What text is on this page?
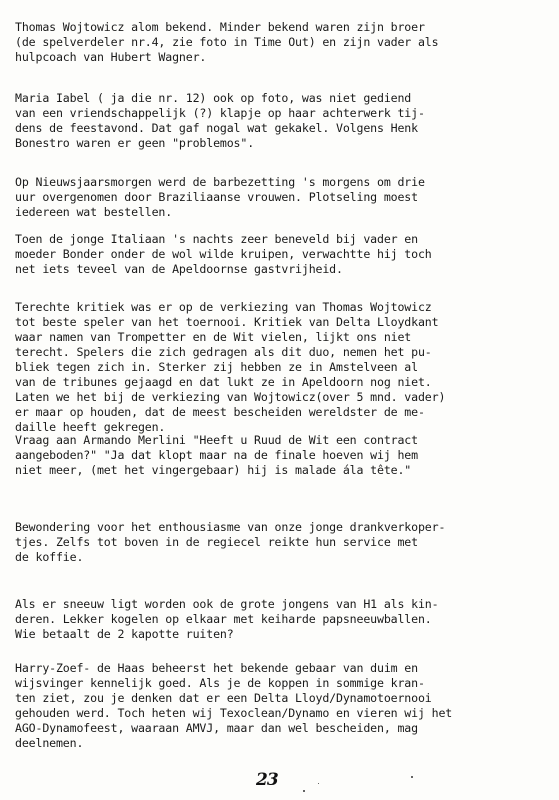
Thomas Wojtowicz alom bekend. Minder bekend waren zijn broer
(de spelverdeler nr.4, zie foto in Time Out) en zijn vader als
hulpcoach van Hubert Wagner.
Maria Iabel ( ja die nr. 12) ook op foto, was niet gediend
van een vriendschappelijk (?) klapje op haar achterwerk tij-
dens de feestavond. Dat gaf nogal wat gekakel. Volgens Henk
Bonestro waren er geen "problemos".
Op Nieuwsjaarsmorgen werd de barbezetting 's morgens om drie
uur overgenomen door Braziliaanse vrouwen. Plotseling moest
iedereen wat bestellen.
Toen de jonge Italiaan 's nachts zeer beneveld bij vader en
moeder Bonder onder de wol wilde kruipen, verwachtte hij toch
net iets teveel van de Apeldoornse gastvrijheid.
Terechte kritiek was er op de verkiezing van Thomas Wojtowicz
tot beste speler van het toernooi. Kritiek van Delta Lloydkant
waar namen van Trompetter en de Wit vielen, lijkt ons niet
terecht. Spelers die zich gedragen als dit duo, nemen het pu-
bliek tegen zich in. Sterker zij hebben ze in Amstelveen al
van de tribunes gejaagd en dat lukt ze in Apeldoorn nog niet.
Laten we het bij de verkiezing van Wojtowicz(over 5 mnd. vader)
er maar op houden, dat de meest bescheiden wereldster de me-
daille heeft gekregen.
Vraag aan Armando Merlini "Heeft u Ruud de Wit een contract
aangeboden?" "Ja dat klopt maar na de finale hoeven wij hem
niet meer, (met het vingergebaar) hij is malade ála tête."
Bewondering voor het enthousiasme van onze jonge drankverkoper-
tjes. Zelfs tot boven in de regiecel reikte hun service met
de koffie.
Als er sneeuw ligt worden ook de grote jongens van H1 als kin-
deren. Lekker kogelen op elkaar met keiharde papsneeuwballen.
Wie betaalt de 2 kapotte ruiten?
Harry-Zoef- de Haas beheerst het bekende gebaar van duim en
wijsvinger kennelijk goed. Als je de koppen in sommige kran-
ten ziet, zou je denken dat er een Delta Lloyd/Dynamotoernooi
gehouden werd. Toch heten wij Texoclean/Dynamo en vieren wij het
AGO-Dynamofeest, waaraan AMVJ, maar dan wel bescheiden, mag
deelnemen.
23
